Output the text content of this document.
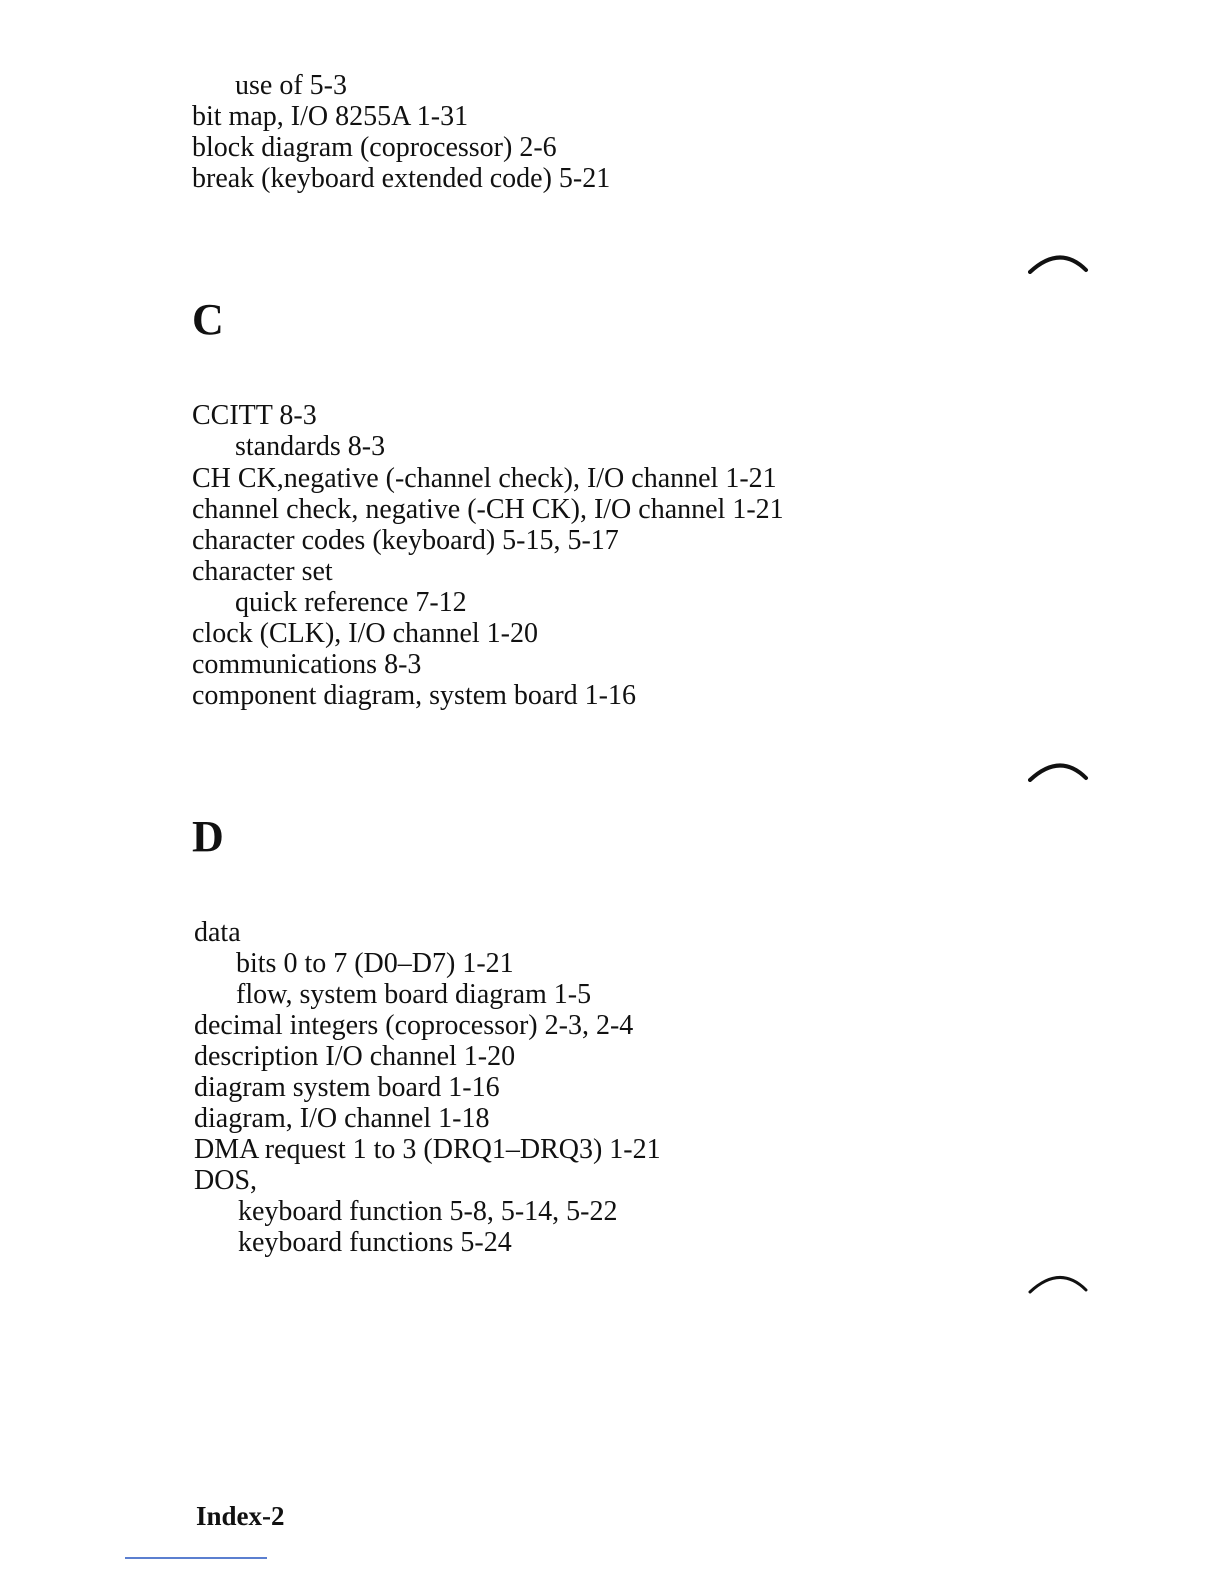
use of 5-3
bit map, I/O 8255A 1-31
block diagram (coprocessor) 2-6
break (keyboard extended code) 5-21
C
CCITT 8-3
standards 8-3
CH CK,negative (-channel check), I/O channel 1-21
channel check, negative (-CH CK), I/O channel 1-21
character codes (keyboard) 5-15, 5-17
character set
quick reference 7-12
clock (CLK), I/O channel 1-20
communications 8-3
component diagram, system board 1-16
D
data
bits 0 to 7 (D0–D7) 1-21
flow, system board diagram 1-5
decimal integers (coprocessor) 2-3, 2-4
description I/O channel 1-20
diagram system board 1-16
diagram, I/O channel 1-18
DMA request 1 to 3 (DRQ1–DRQ3) 1-21
DOS,
keyboard function 5-8, 5-14, 5-22
keyboard functions 5-24
Index-2
